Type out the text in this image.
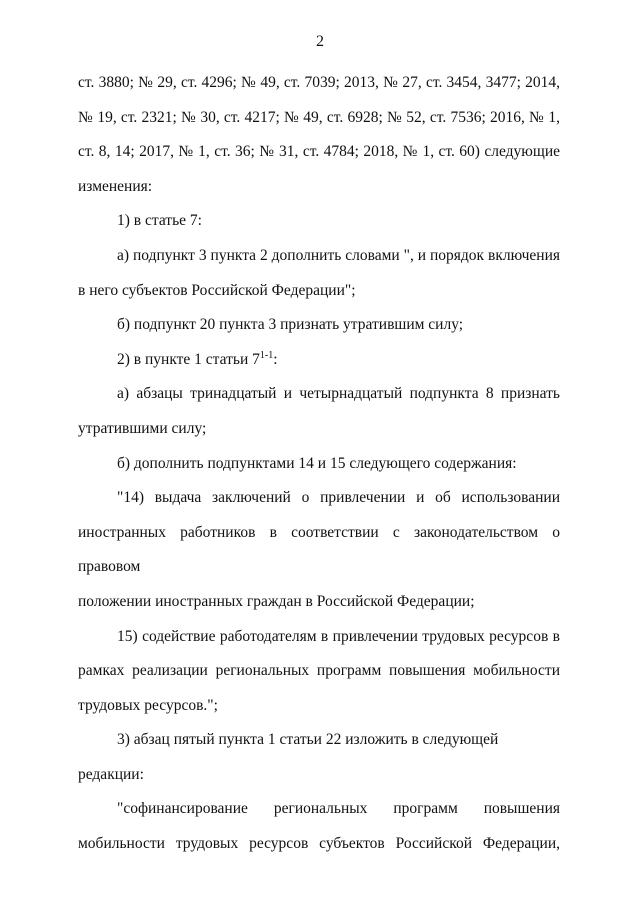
2

ст. 3880; № 29, ст. 4296; № 49, ст. 7039; 2013, № 27, ст. 3454, 3477; 2014,

№ 19, ст. 2321; № 30, ст. 4217; № 49, ст. 6928; № 52, ст. 7536; 2016, № 1,

ст. 8, 14; 2017, № 1, ст. 36; № 31, ст. 4784; 2018, № 1, ст. 60) следующие

изменения:

1) в статье 7:

а) подпункт 3 пункта 2 дополнить словами ", и порядок включения

в него субъектов Российской Федерации";

б) подпункт 20 пункта 3 признать утратившим силу;

2) в пункте 1 статьи 7$^{1-1}$:

а) абзацы тринадцатый и четырнадцатый подпункта 8 признать

утратившими силу;

б) дополнить подпунктами 14 и 15 следующего содержания:

"14) выдача заключений о привлечении и об использовании

иностранных работников в соответствии с законодательством о правовом

положении иностранных граждан в Российской Федерации;

15) содействие работодателям в привлечении трудовых ресурсов в

рамках реализации региональных программ повышения мобильности

трудовых ресурсов.";

3) абзац пятый пункта 1 статьи 22 изложить в следующей редакции:

"софинансирование региональных программ повышения

мобильности трудовых ресурсов субъектов Российской Федерации,
